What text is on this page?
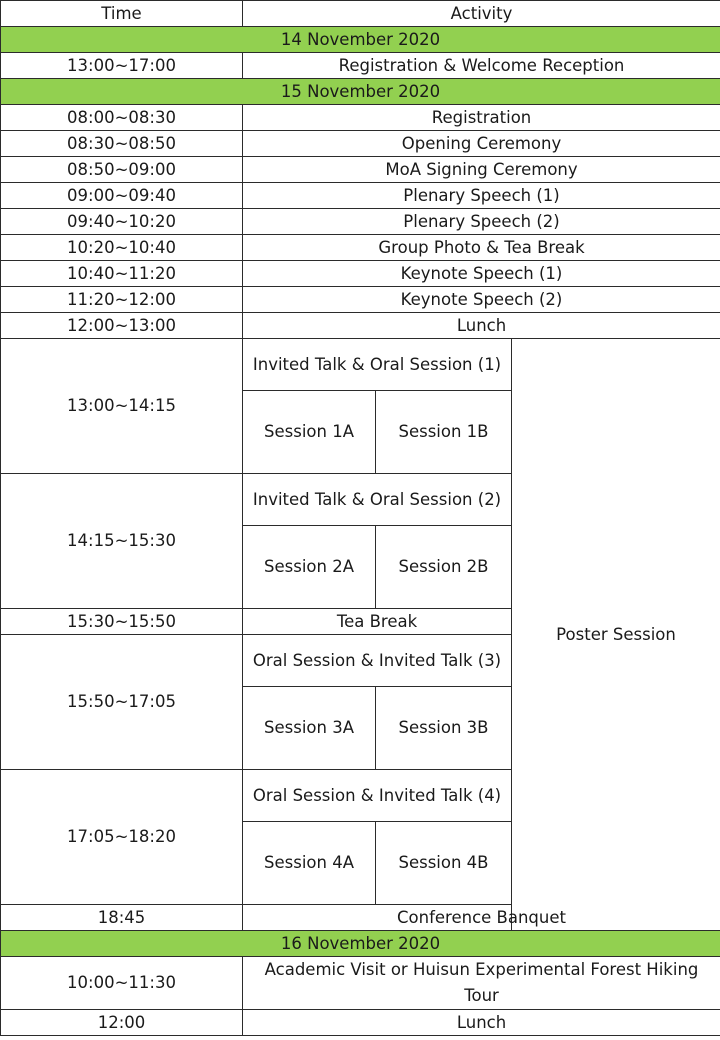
Time	Activity		
14 November 2020			
13:00~17:00	Registration & Welcome Reception		
15 November 2020			
08:00~08:30	Registration		
08:30~08:50	Opening Ceremony		
08:50~09:00	MoA Signing Ceremony		
09:00~09:40	Plenary Speech (1)		
09:40~10:20	Plenary Speech (2)		
10:20~10:40	Group Photo & Tea Break		
10:40~11:20	Keynote Speech (1)		
11:20~12:00	Keynote Speech (2)		
12:00~13:00	Lunch		
13:00~14:15	Invited Talk & Oral Session (1)		Poster Session
	Session 1A	Session 1B	
14:15~15:30	Invited Talk & Oral Session (2)		
	Session 2A	Session 2B	
15:30~15:50	Tea Break		
15:50~17:05	Oral Session & Invited Talk (3)		
	Session 3A	Session 3B	
17:05~18:20	Oral Session & Invited Talk (4)		
	Session 4A	Session 4B	
18:45	Conference Banquet		
16 November 2020			
10:00~11:30	Academic Visit or Huisun Experimental Forest Hiking Tour		
12:00	Lunch		
